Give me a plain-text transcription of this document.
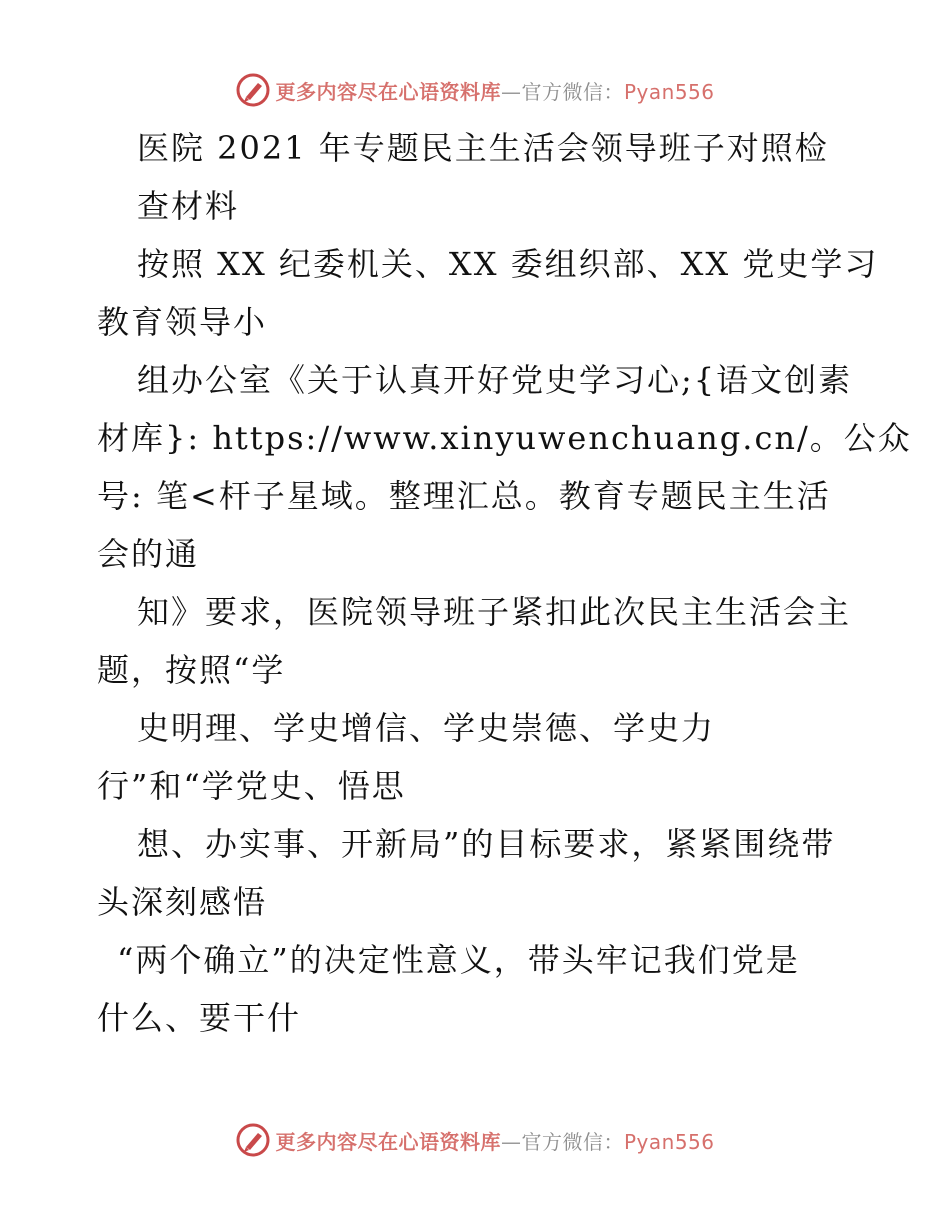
更多内容尽在心语资料库—官方微信：Pyan556
医院 2021 年专题民主生活会领导班子对照检
查材料
按照 XX 纪委机关、XX 委组织部、XX 党史学习
教育领导小
组办公室《关于认真开好党史学习心;{语文创素
材库}: https://www.xinyuwenchuang.cn/。公众
号: 笔<杆子星域。整理汇总。教育专题民主生活
会的通
知》要求，医院领导班子紧扣此次民主生活会主
题，按照“学
史明理、学史增信、学史崇德、学史力
行”和“学党史、悟思
想、办实事、开新局”的目标要求，紧紧围绕带
头深刻感悟
“两个确立”的决定性意义，带头牢记我们党是
什么、要干什
更多内容尽在心语资料库—官方微信：Pyan556
